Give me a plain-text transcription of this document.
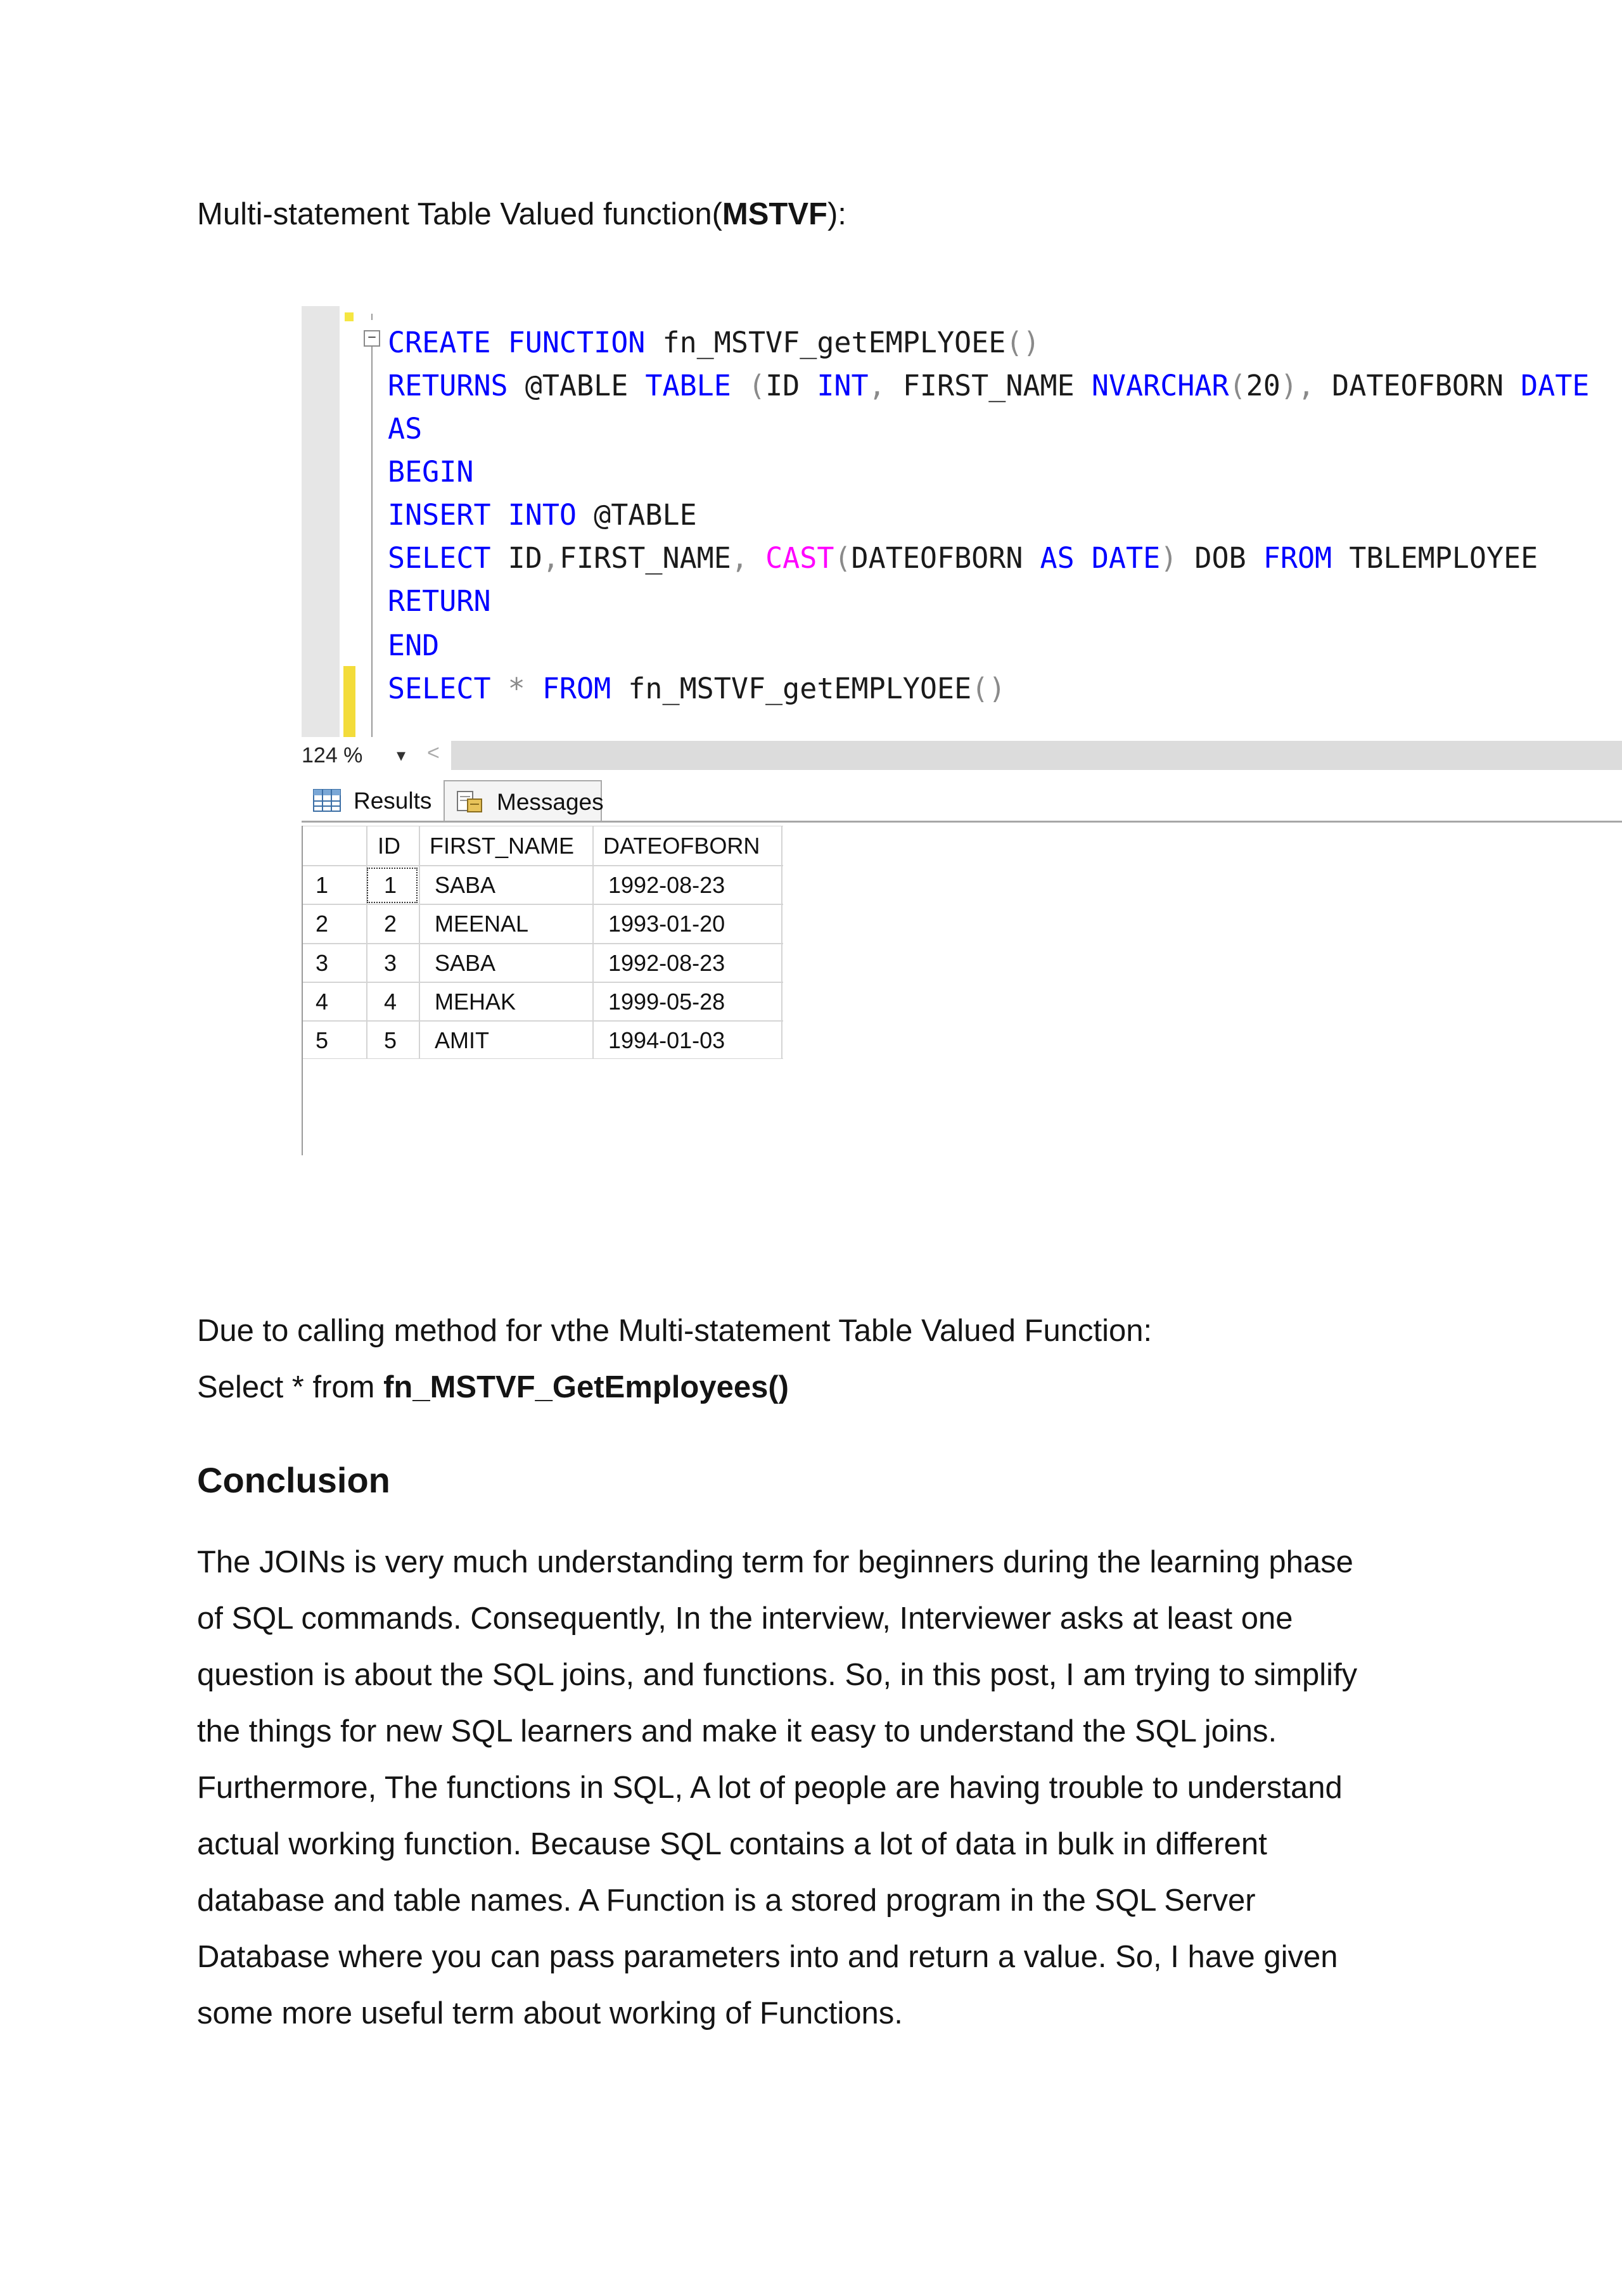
Multi-statement Table Valued function(MSTVF):
− CREATE FUNCTION fn_MSTVF_getEMPLYOEE()
RETURNS @TABLE TABLE (ID INT, FIRST_NAME NVARCHAR(20), DATEOFBORN DATE
AS
BEGIN
INSERT INTO @TABLE
SELECT ID,FIRST_NAME, CAST(DATEOFBORN AS DATE) DOB FROM TBLEMPLOYEE
RETURN
END
SELECT * FROM fn_MSTVF_getEMPLYOEE()
124 % ▾ <
Results	Messages
ID FIRST_NAME DATEOFBORN
1 1 SABA	1992-08-23
2 2 MEENAL	1993-01-20
3 3 SABA	1992-08-23
4 4 MEHAK	1999-05-28
5 5 AMIT	1994-01-03
Due to calling method for vthe Multi-statement Table Valued Function:
Select * from fn_MSTVF_GetEmployees()
Conclusion
The JOINs is very much understanding term for beginners during the learning phase
of SQL commands. Consequently, In the interview, Interviewer asks at least one
question is about the SQL joins, and functions. So, in this post, I am trying to simplify
the things for new SQL learners and make it easy to understand the SQL joins.
Furthermore, The functions in SQL, A lot of people are having trouble to understand
actual working function. Because SQL contains a lot of data in bulk in different
database and table names. A Function is a stored program in the SQL Server
Database where you can pass parameters into and return a value. So, I have given
some more useful term about working of Functions.
